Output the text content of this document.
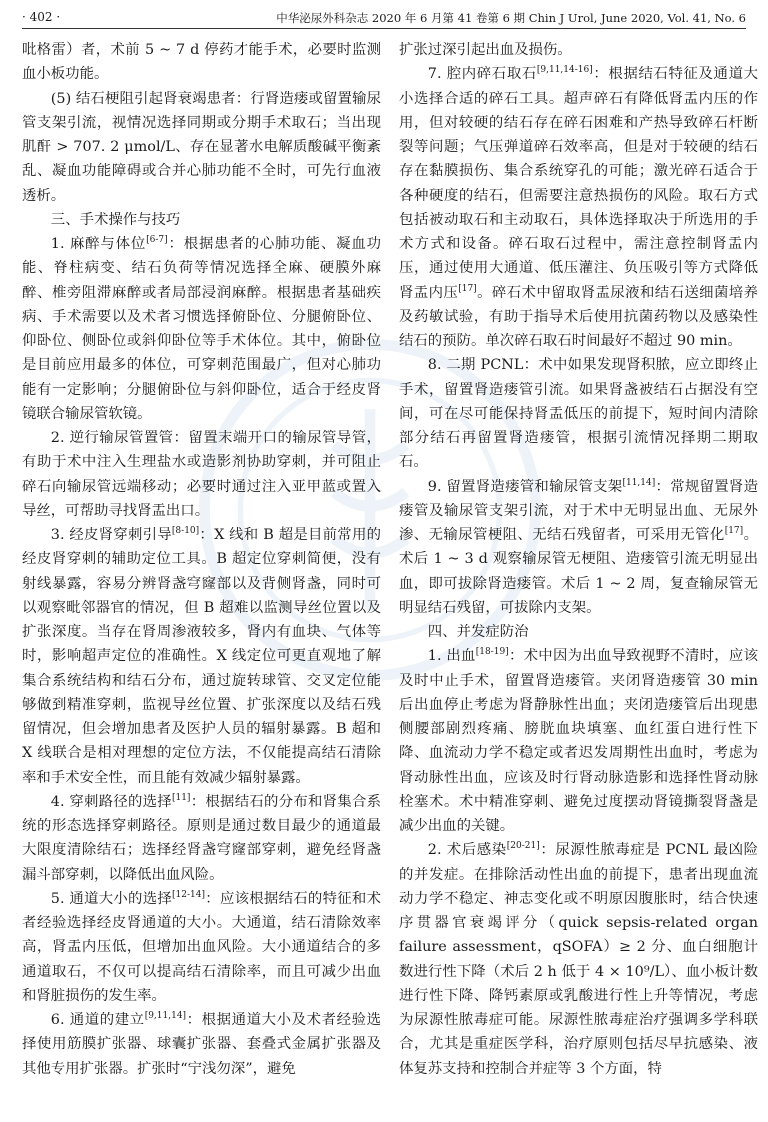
· 402 ·	中华泌尿外科杂志 2020 年 6 月第 41 卷第 6 期 Chin J Urol, June 2020, Vol. 41, No. 6

吡格雷）者，术前 5 ~ 7 d 停药才能手术，必要时监测血小板功能。

(5) 结石梗阻引起肾衰竭患者：行肾造瘘或留置输尿管支架引流，视情况选择同期或分期手术取石；当出现肌酐 > 707. 2 μmol/L、存在显著水电解质酸碱平衡紊乱、凝血功能障碍或合并心肺功能不全时，可先行血液透析。

三、手术操作与技巧

1. 麻醉与体位[6-7]：根据患者的心肺功能、凝血功能、脊柱病变、结石负荷等情况选择全麻、硬膜外麻醉、椎旁阻滞麻醉或者局部浸润麻醉。根据患者基础疾病、手术需要以及术者习惯选择俯卧位、分腿俯卧位、仰卧位、侧卧位或斜仰卧位等手术体位。其中，俯卧位是目前应用最多的体位，可穿刺范围最广，但对心肺功能有一定影响；分腿俯卧位与斜仰卧位，适合于经皮肾镜联合输尿管软镜。

2. 逆行输尿管置管：留置末端开口的输尿管导管，有助于术中注入生理盐水或造影剂协助穿刺，并可阻止碎石向输尿管远端移动；必要时通过注入亚甲蓝或置入导丝，可帮助寻找肾盂出口。

3. 经皮肾穿刺引导[8-10]：X 线和 B 超是目前常用的经皮肾穿刺的辅助定位工具。B 超定位穿刺简便，没有射线暴露，容易分辨肾盏穹窿部以及背侧肾盏，同时可以观察毗邻器官的情况，但 B 超难以监测导丝位置以及扩张深度。当存在肾周渗液较多，肾内有血块、气体等时，影响超声定位的准确性。X 线定位可更直观地了解集合系统结构和结石分布，通过旋转球管、交叉定位能够做到精准穿刺，监视导丝位置、扩张深度以及结石残留情况，但会增加患者及医护人员的辐射暴露。B 超和 X 线联合是相对理想的定位方法，不仅能提高结石清除率和手术安全性，而且能有效减少辐射暴露。

4. 穿刺路径的选择[11]：根据结石的分布和肾集合系统的形态选择穿刺路径。原则是通过数目最少的通道最大限度清除结石；选择经肾盏穹窿部穿刺，避免经肾盏漏斗部穿刺，以降低出血风险。

5. 通道大小的选择[12-14]：应该根据结石的特征和术者经验选择经皮肾通道的大小。大通道，结石清除效率高，肾盂内压低，但增加出血风险。大小通道结合的多通道取石，不仅可以提高结石清除率，而且可减少出血和肾脏损伤的发生率。

6. 通道的建立[9,11,14]：根据通道大小及术者经验选择使用筋膜扩张器、球囊扩张器、套叠式金属扩张器及其他专用扩张器。扩张时“宁浅勿深”，避免

扩张过深引起出血及损伤。

7. 腔内碎石取石[9,11,14-16]：根据结石特征及通道大小选择合适的碎石工具。超声碎石有降低肾盂内压的作用，但对较硬的结石存在碎石困难和产热导致碎石杆断裂等问题；气压弹道碎石效率高，但是对于较硬的结石存在黏膜损伤、集合系统穿孔的可能；激光碎石适合于各种硬度的结石，但需要注意热损伤的风险。取石方式包括被动取石和主动取石，具体选择取决于所选用的手术方式和设备。碎石取石过程中，需注意控制肾盂内压，通过使用大通道、低压灌注、负压吸引等方式降低肾盂内压[17]。碎石术中留取肾盂尿液和结石送细菌培养及药敏试验，有助于指导术后使用抗菌药物以及感染性结石的预防。单次碎石取石时间最好不超过 90 min。

8. 二期 PCNL：术中如果发现肾积脓，应立即终止手术，留置肾造瘘管引流。如果肾盏被结石占据没有空间，可在尽可能保持肾盂低压的前提下，短时间内清除部分结石再留置肾造瘘管，根据引流情况择期二期取石。

9. 留置肾造瘘管和输尿管支架[11,14]：常规留置肾造瘘管及输尿管支架引流，对于术中无明显出血、无尿外渗、无输尿管梗阻、无结石残留者，可采用无管化[17]。术后 1 ~ 3 d 观察输尿管无梗阻、造瘘管引流无明显出血，即可拔除肾造瘘管。术后 1 ~ 2 周，复查输尿管无明显结石残留，可拔除内支架。

四、并发症防治

1. 出血[18-19]：术中因为出血导致视野不清时，应该及时中止手术，留置肾造瘘管。夹闭肾造瘘管 30 min 后出血停止考虑为肾静脉性出血；夹闭造瘘管后出现患侧腰部剧烈疼痛、膀胱血块填塞、血红蛋白进行性下降、血流动力学不稳定或者迟发周期性出血时，考虑为肾动脉性出血，应该及时行肾动脉造影和选择性肾动脉栓塞术。术中精准穿刺、避免过度摆动肾镜撕裂肾盏是减少出血的关键。

2. 术后感染[20-21]：尿源性脓毒症是 PCNL 最凶险的并发症。在排除活动性出血的前提下，患者出现血流动力学不稳定、神志变化或不明原因腹胀时，结合快速序贯器官衰竭评分（quick sepsis-related organ failure assessment，qSOFA）≥ 2 分、血白细胞计数进行性下降（术后 2 h 低于 4 × 10⁹/L）、血小板计数进行性下降、降钙素原或乳酸进行性上升等情况，考虑为尿源性脓毒症可能。尿源性脓毒症治疗强调多学科联合，尤其是重症医学科，治疗原则包括尽早抗感染、液体复苏支持和控制合并症等 3 个方面，特
